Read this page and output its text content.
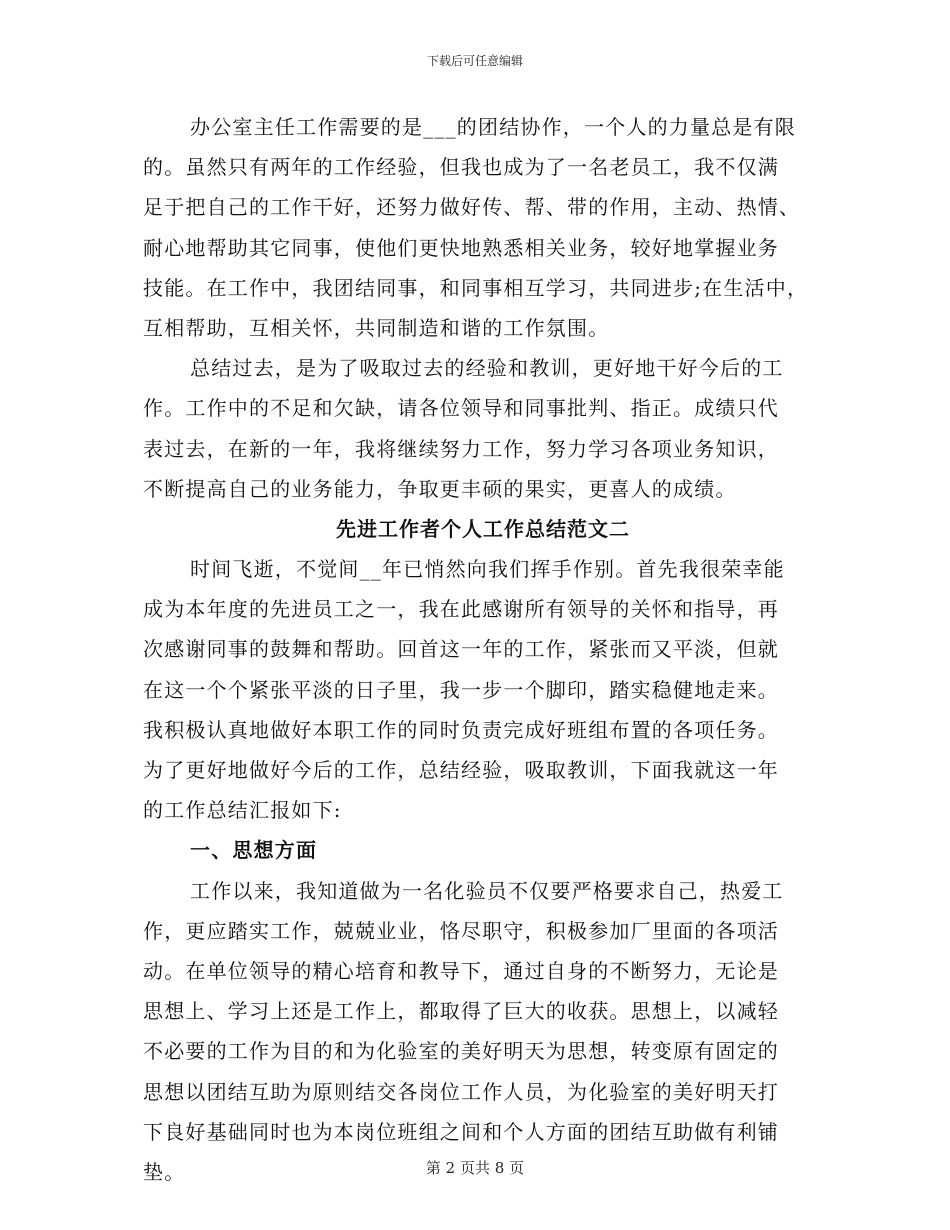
下载后可任意编辑
办公室主任工作需要的是___的团结协作，一个人的力量总是有限
的。虽然只有两年的工作经验，但我也成为了一名老员工，我不仅满
足于把自己的工作干好，还努力做好传、帮、带的作用，主动、热情、
耐心地帮助其它同事，使他们更快地熟悉相关业务，较好地掌握业务
技能。在工作中，我团结同事，和同事相互学习，共同进步;在生活中，
互相帮助，互相关怀，共同制造和谐的工作氛围。
总结过去，是为了吸取过去的经验和教训，更好地干好今后的工
作。工作中的不足和欠缺，请各位领导和同事批判、指正。成绩只代
表过去，在新的一年，我将继续努力工作，努力学习各项业务知识，
不断提高自己的业务能力，争取更丰硕的果实，更喜人的成绩。
先进工作者个人工作总结范文二
时间飞逝，不觉间__年已悄然向我们挥手作别。首先我很荣幸能
成为本年度的先进员工之一，我在此感谢所有领导的关怀和指导，再
次感谢同事的鼓舞和帮助。回首这一年的工作，紧张而又平淡，但就
在这一个个紧张平淡的日子里，我一步一个脚印，踏实稳健地走来。
我积极认真地做好本职工作的同时负责完成好班组布置的各项任务。
为了更好地做好今后的工作，总结经验，吸取教训，下面我就这一年
的工作总结汇报如下:
一、思想方面
工作以来，我知道做为一名化验员不仅要严格要求自己，热爱工
作，更应踏实工作，兢兢业业，恪尽职守，积极参加厂里面的各项活
动。在单位领导的精心培育和教导下，通过自身的不断努力，无论是
思想上、学习上还是工作上，都取得了巨大的收获。思想上，以减轻
不必要的工作为目的和为化验室的美好明天为思想，转变原有固定的
思想以团结互助为原则结交各岗位工作人员，为化验室的美好明天打
下良好基础同时也为本岗位班组之间和个人方面的团结互助做有利铺
垫。	第 2 页共 8 页
